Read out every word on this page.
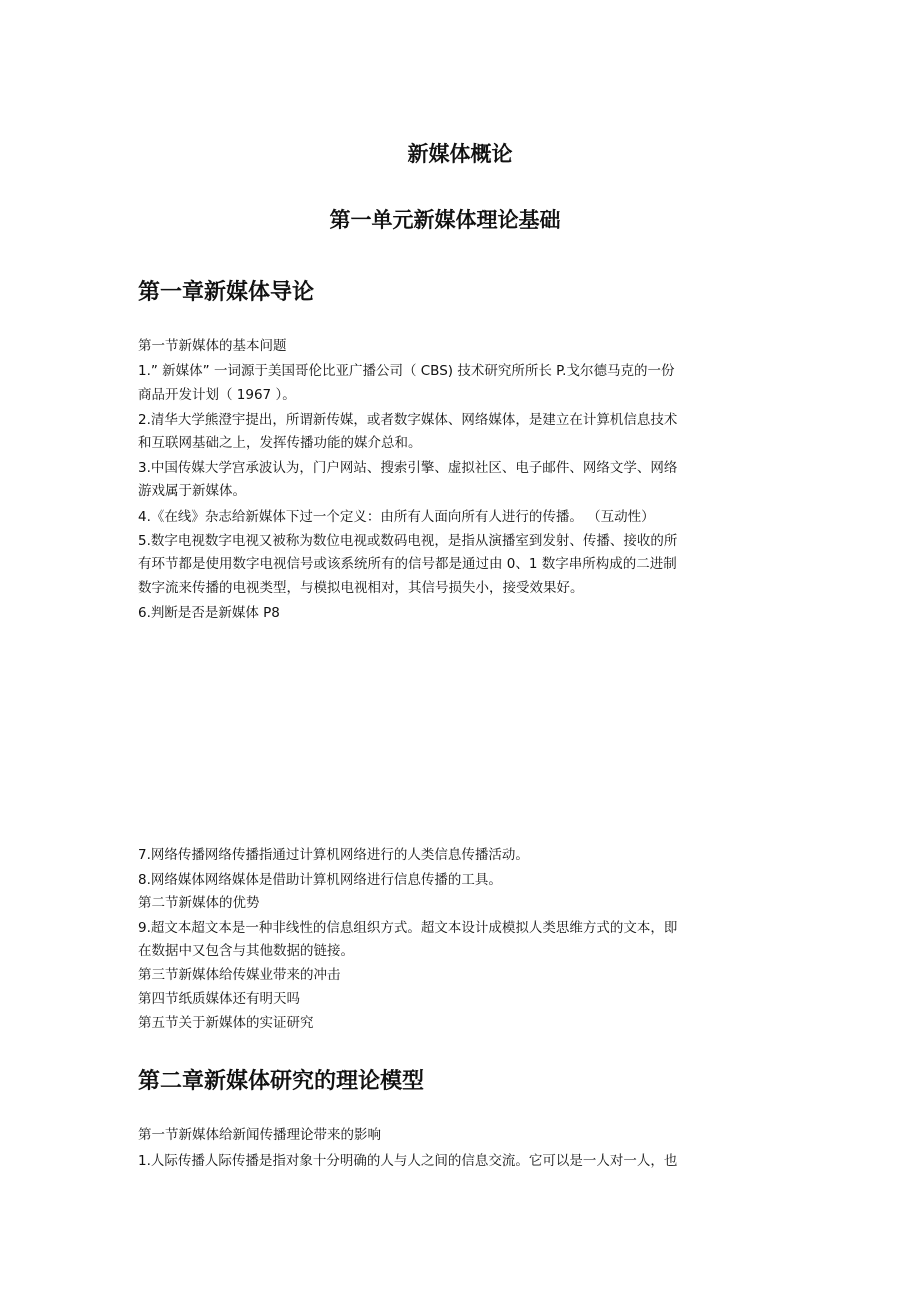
新媒体概论
第一单元新媒体理论基础
第一章新媒体导论

第一节新媒体的基本问题

1.” 新媒体” 一词源于美国哥伦比亚广播公司（ CBS) 技术研究所所长 P.戈尔德马克的一份

商品开发计划（ 1967 ）。

2.清华大学熊澄宇提出，所谓新传媒，或者数字媒体、网络媒体，是建立在计算机信息技术

和互联网基础之上，发挥传播功能的媒介总和。

3.中国传媒大学宫承波认为，门户网站、搜索引擎、虚拟社区、电子邮件、网络文学、网络

游戏属于新媒体。

4.《在线》杂志给新媒体下过一个定义：由所有人面向所有人进行的传播。 （互动性）

5.数字电视数字电视又被称为数位电视或数码电视，是指从演播室到发射、传播、接收的所

有环节都是使用数字电视信号或该系统所有的信号都是通过由 0、1 数字串所构成的二进制

数字流来传播的电视类型，与模拟电视相对，其信号损失小，接受效果好。

6.判断是否是新媒体 P8

7.网络传播网络传播指通过计算机网络进行的人类信息传播活动。

8.网络媒体网络媒体是借助计算机网络进行信息传播的工具。

第二节新媒体的优势

9.超文本超文本是一种非线性的信息组织方式。超文本设计成模拟人类思维方式的文本，即

在数据中又包含与其他数据的链接。

第三节新媒体给传媒业带来的冲击

第四节纸质媒体还有明天吗

第五节关于新媒体的实证研究

第二章新媒体研究的理论模型

第一节新媒体给新闻传播理论带来的影响

1.人际传播人际传播是指对象十分明确的人与人之间的信息交流。它可以是一人对一人，也
